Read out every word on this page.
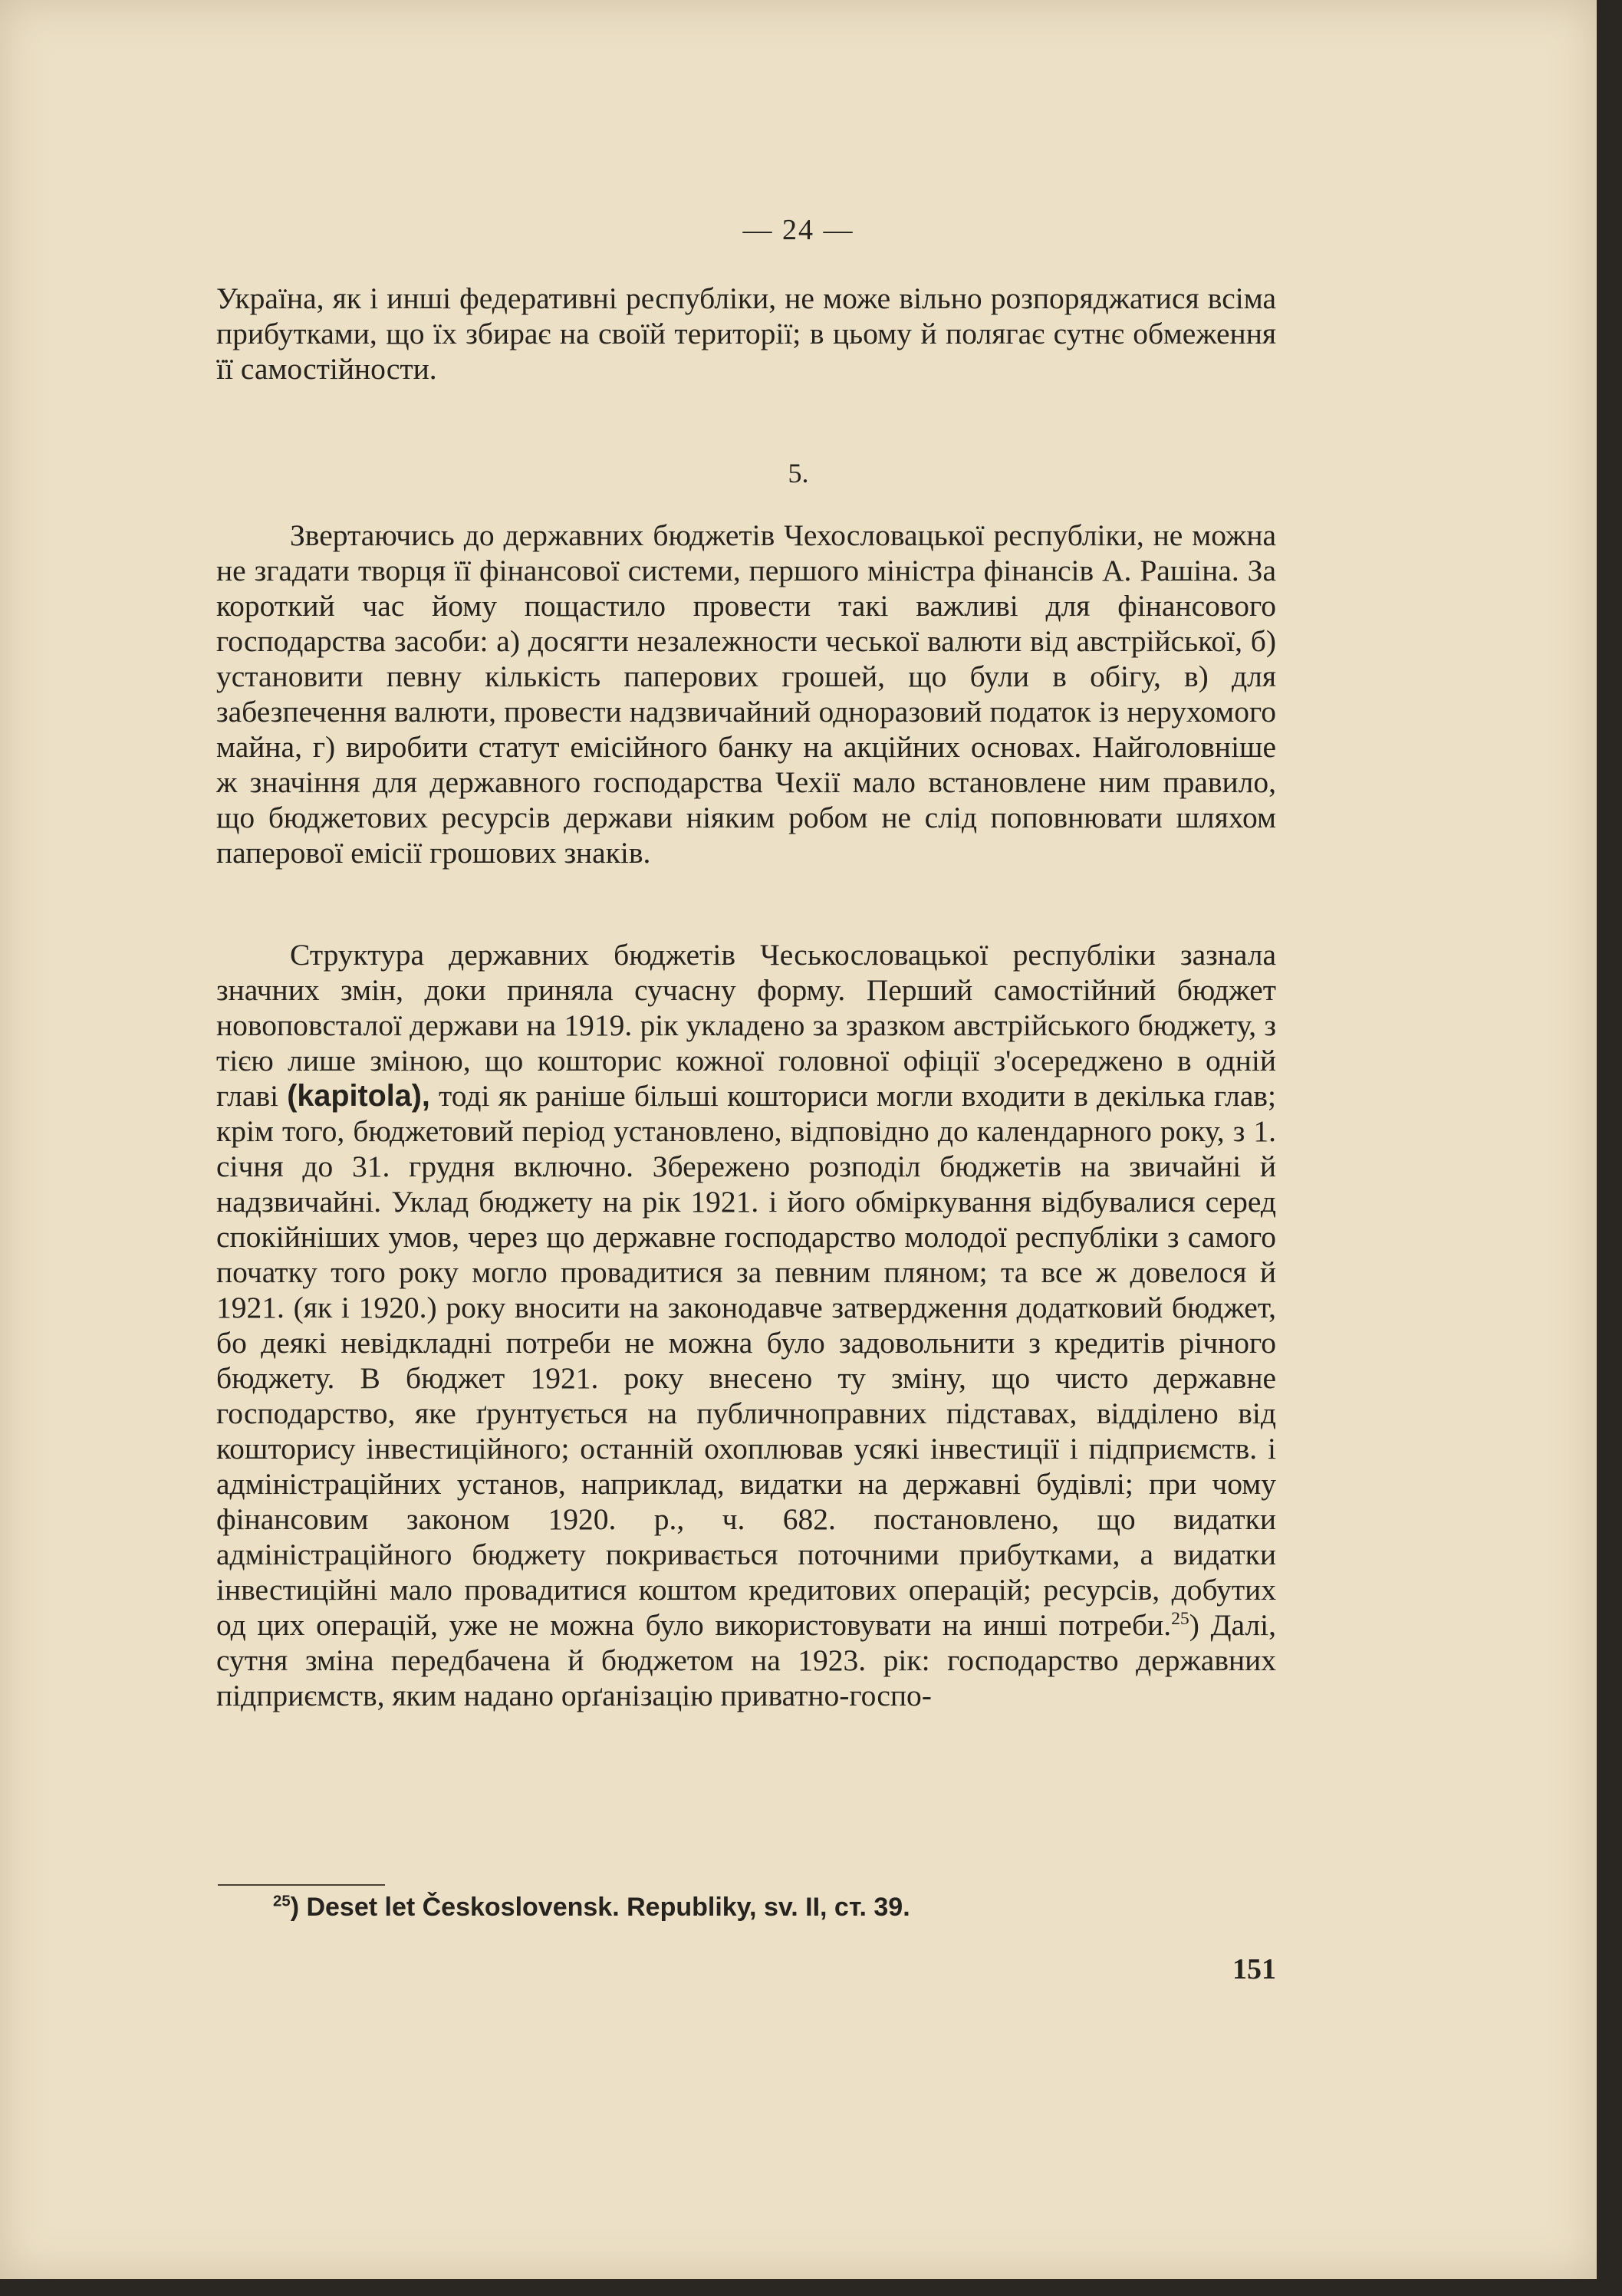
— 24 —

Україна, як і инші федеративні республіки, не може вільно розпоряджатися всіма прибутками, що їх збирає на своїй території; в цьому й полягає сутнє обмеження її самостійности.

5.

Звертаючись до державних бюджетів Чехословацької республіки, не можна не згадати творця її фінансової системи, першого міністра фінансів А. Рашіна. За короткий час йому пощастило провести такі важливі для фінансового господарства засоби: а) досягти незалежности чеської валюти від австрійської, б) установити певну кількість паперових грошей, що були в обігу, в) для забезпечення валюти, провести надзвичайний одноразовий податок із нерухомого майна, г) виробити статут емісійного банку на акційних основах. Найголовніше ж значіння для державного господарства Чехії мало встановлене ним правило, що бюджетових ресурсів держави ніяким робом не слід поповнювати шляхом паперової емісії грошових знаків.

Структура державних бюджетів Чеськословацької республіки зазнала значних змін, доки приняла сучасну форму. Перший самостійний бюджет новоповсталої держави на 1919. рік укладено за зразком австрійського бюджету, з тією лише зміною, що кошторис кожної головної офіції з'осереджено в одній главі (kapitola), тоді як раніше більші кошториси могли входити в декілька глав; крім того, бюджетовий період установлено, відповідно до календарного року, з 1. січня до 31. грудня включно. Збережено розподіл бюджетів на звичайні й надзвичайні. Уклад бюджету на рік 1921. і його обміркування відбувалися серед спокійніших умов, через що державне господарство молодої республіки з самого початку того року могло провадитися за певним пляном; та все ж довелося й 1921. (як і 1920.) року вносити на законодавче затвердження додатковий бюджет, бо деякі невідкладні потреби не можна було задовольнити з кредитів річного бюджету. В бюджет 1921. року внесено ту зміну, що чисто державне господарство, яке ґрунтується на публичноправних підставах, відділено від кошторису інвестиційного; останній охоплював усякі інвестиції і підприємств. і адміністраційних установ, наприклад, видатки на державні будівлі; при чому фінансовим законом 1920. р., ч. 682. постановлено, що видатки адміністраційного бюджету покривається поточними прибутками, а видатки інвестиційні мало провадитися коштом кредитових операцій; ресурсів, добутих од цих операцій, уже не можна було використовувати на инші потреби.$^{25}$) Далі, сутня зміна передбачена й бюджетом на 1923. рік: господарство державних підприємств, яким надано орґанізацію приватно-госпо-

$^{25}$) Deset let Československ. Republiky, sv. II, ст. 39.
151
